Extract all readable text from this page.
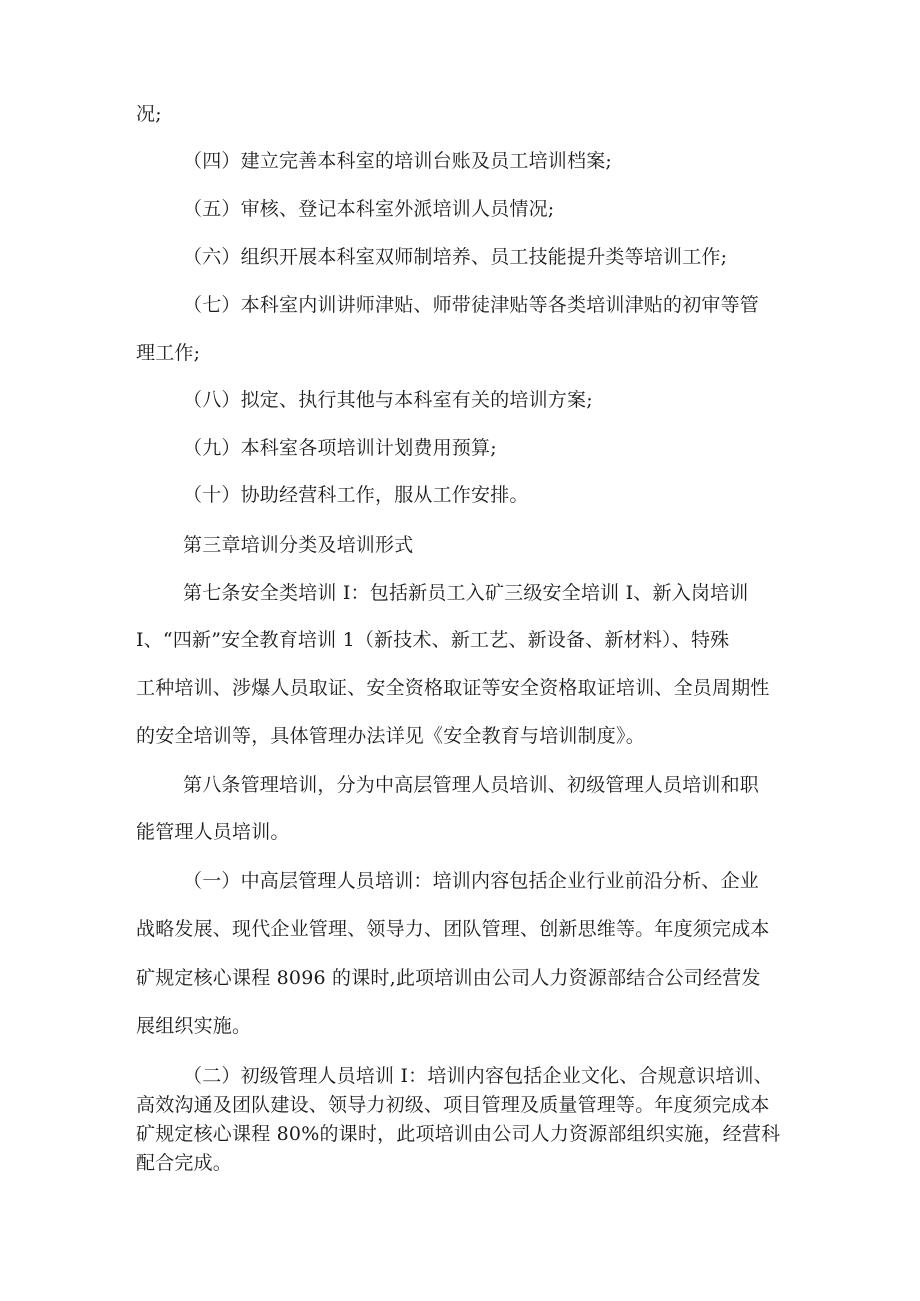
况;
（四）建立完善本科室的培训台账及员工培训档案;
（五）审核、登记本科室外派培训人员情况;
（六）组织开展本科室双师制培养、员工技能提升类等培训工作;
（七）本科室内训讲师津贴、师带徒津贴等各类培训津贴的初审等管
理工作;
（八）拟定、执行其他与本科室有关的培训方案;
（九）本科室各项培训计划费用预算;
（十）协助经营科工作，服从工作安排。
第三章培训分类及培训形式
第七条安全类培训 I：包括新员工入矿三级安全培训 I、新入岗培训
I、“四新”安全教育培训 1（新技术、新工艺、新设备、新材料）、特殊
工种培训、涉爆人员取证、安全资格取证等安全资格取证培训、全员周期性
的安全培训等，具体管理办法详见《安全教育与培训制度》。
第八条管理培训，分为中高层管理人员培训、初级管理人员培训和职
能管理人员培训。
（一）中高层管理人员培训：培训内容包括企业行业前沿分析、企业
战略发展、现代企业管理、领导力、团队管理、创新思维等。年度须完成本
矿规定核心课程 8096 的课时,此项培训由公司人力资源部结合公司经营发
展组织实施。
（二）初级管理人员培训 I：培训内容包括企业文化、合规意识培训、
高效沟通及团队建设、领导力初级、项目管理及质量管理等。年度须完成本
矿规定核心课程 80%的课时，此项培训由公司人力资源部组织实施，经营科
配合完成。
